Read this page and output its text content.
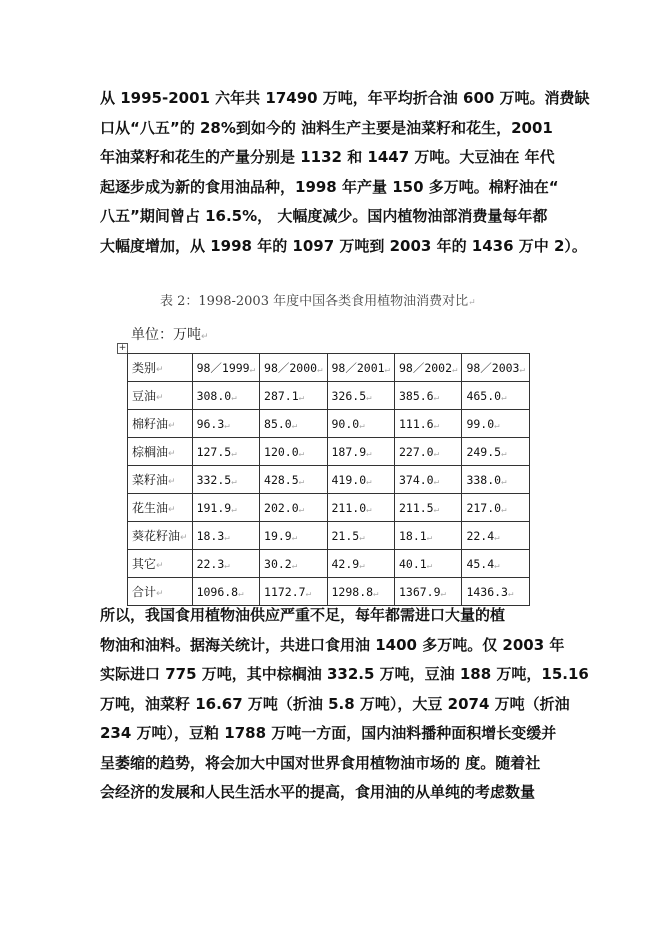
从 1995-2001 六年共 17490 万吨，年平均折合油 600 万吨。消费缺
口从“八五”的 28%到如今的 油料生产主要是油菜籽和花生，2001
年油菜籽和花生的产量分别是 1132 和 1447 万吨。大豆油在 年代
起逐步成为新的食用油品种，1998 年产量 150 多万吨。棉籽油在“
八五”期间曾占 16.5%， 大幅度减少。国内植物油部消费量每年都
大幅度增加，从 1998 年的 1097 万吨到 2003 年的 1436 万中 2）。
表 2：1998-2003 年度中国各类食用植物油消费对比↵
单位：万吨↵
+
类别↵	98／1999↵	98／2000↵	98／2001↵	98／2002↵	98／2003↵
豆油↵	308.0↵	287.1↵	326.5↵	385.6↵	465.0↵
棉籽油↵	96.3↵	85.0↵	90.0↵	111.6↵	99.0↵
棕榈油↵	127.5↵	120.0↵	187.9↵	227.0↵	249.5↵
菜籽油↵	332.5↵	428.5↵	419.0↵	374.0↵	338.0↵
花生油↵	191.9↵	202.0↵	211.0↵	211.5↵	217.0↵
葵花籽油↵	18.3↵	19.9↵	21.5↵	18.1↵	22.4↵
其它↵	22.3↵	30.2↵	42.9↵	40.1↵	45.4↵
合计↵	1096.8↵	1172.7↵	1298.8↵	1367.9↵	1436.3↵
所以，我国食用植物油供应严重不足，每年都需进口大量的植
物油和油料。据海关统计，共进口食用油 1400 多万吨。仅 2003 年
实际进口 775 万吨，其中棕榈油 332.5 万吨，豆油 188 万吨，15.16
万吨，油菜籽 16.67 万吨（折油 5.8 万吨），大豆 2074 万吨（折油
234 万吨），豆粕 1788 万吨一方面，国内油料播种面积增长变缓并
呈萎缩的趋势，将会加大中国对世界食用植物油市场的 度。随着社
会经济的发展和人民生活水平的提高，食用油的从单纯的考虑数量
